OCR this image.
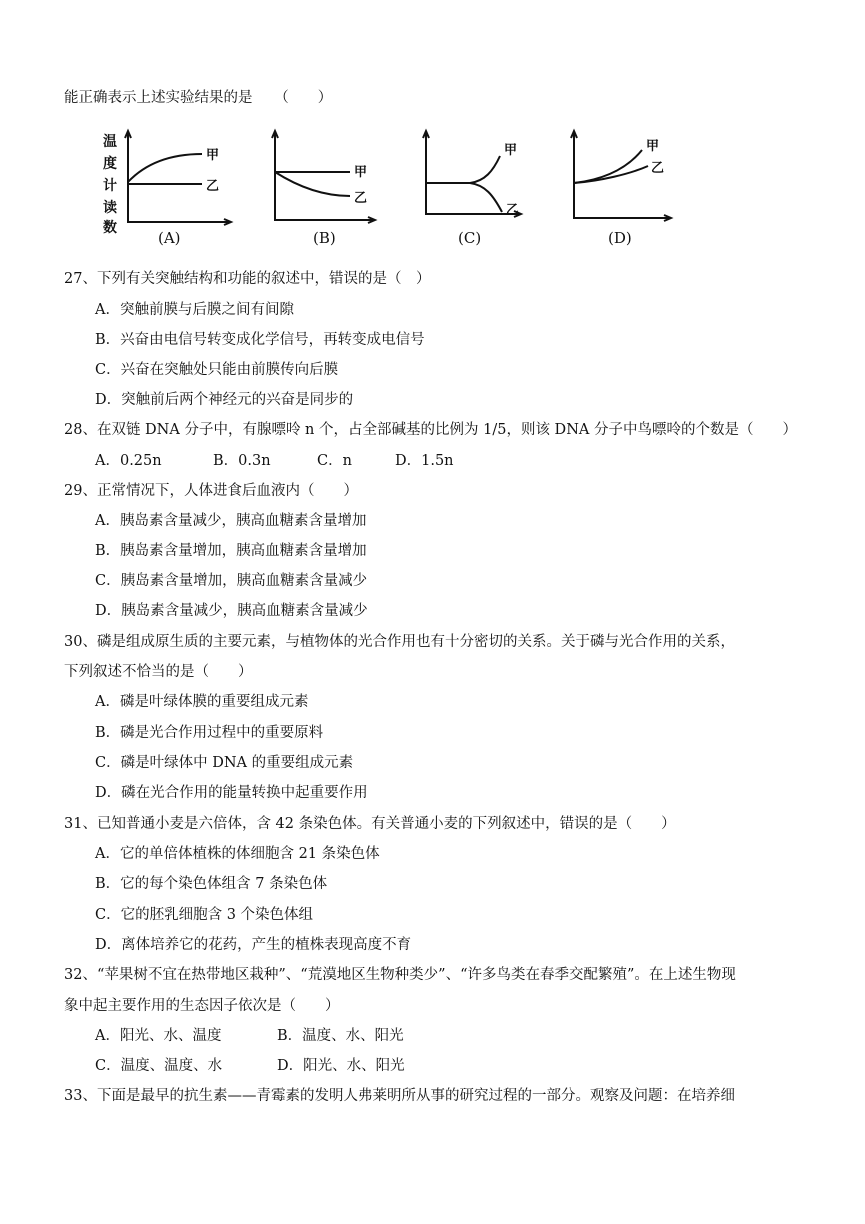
能正确表示上述实验结果的是　　（　　）
温
度
计
读
数
甲
乙
甲
乙
甲
乙
甲
乙
(A)	(B)	(C)	(D)
27、下列有关突触结构和功能的叙述中，错误的是（　）
A．突触前膜与后膜之间有间隙
B．兴奋由电信号转变成化学信号，再转变成电信号
C．兴奋在突触处只能由前膜传向后膜
D．突触前后两个神经元的兴奋是同步的
28、在双链 DNA 分子中，有腺嘌呤 n 个，占全部碱基的比例为 1/5，则该 DNA 分子中鸟嘌呤的个数是（　　）
A．0.25n	B．0.3n	C．n	D．1.5n
29、正常情况下，人体进食后血液内（　　）
A．胰岛素含量减少，胰高血糖素含量增加
B．胰岛素含量增加，胰高血糖素含量增加
C．胰岛素含量增加，胰高血糖素含量减少
D．胰岛素含量减少，胰高血糖素含量减少
30、磷是组成原生质的主要元素，与植物体的光合作用也有十分密切的关系。关于磷与光合作用的关系，
下列叙述不恰当的是（　　）
A．磷是叶绿体膜的重要组成元素
B．磷是光合作用过程中的重要原料
C．磷是叶绿体中 DNA 的重要组成元素
D．磷在光合作用的能量转换中起重要作用
31、已知普通小麦是六倍体，含 42 条染色体。有关普通小麦的下列叙述中，错误的是（　　）
A．它的单倍体植株的体细胞含 21 条染色体
B．它的每个染色体组含 7 条染色体
C．它的胚乳细胞含 3 个染色体组
D．离体培养它的花药，产生的植株表现高度不育
32、“苹果树不宜在热带地区栽种”、“荒漠地区生物种类少”、“许多鸟类在春季交配繁殖”。在上述生物现
象中起主要作用的生态因子依次是（　　）
A．阳光、水、温度	B．温度、水、阳光
C．温度、温度、水	D．阳光、水、阳光
33、下面是最早的抗生素——青霉素的发明人弗莱明所从事的研究过程的一部分。观察及问题：在培养细
